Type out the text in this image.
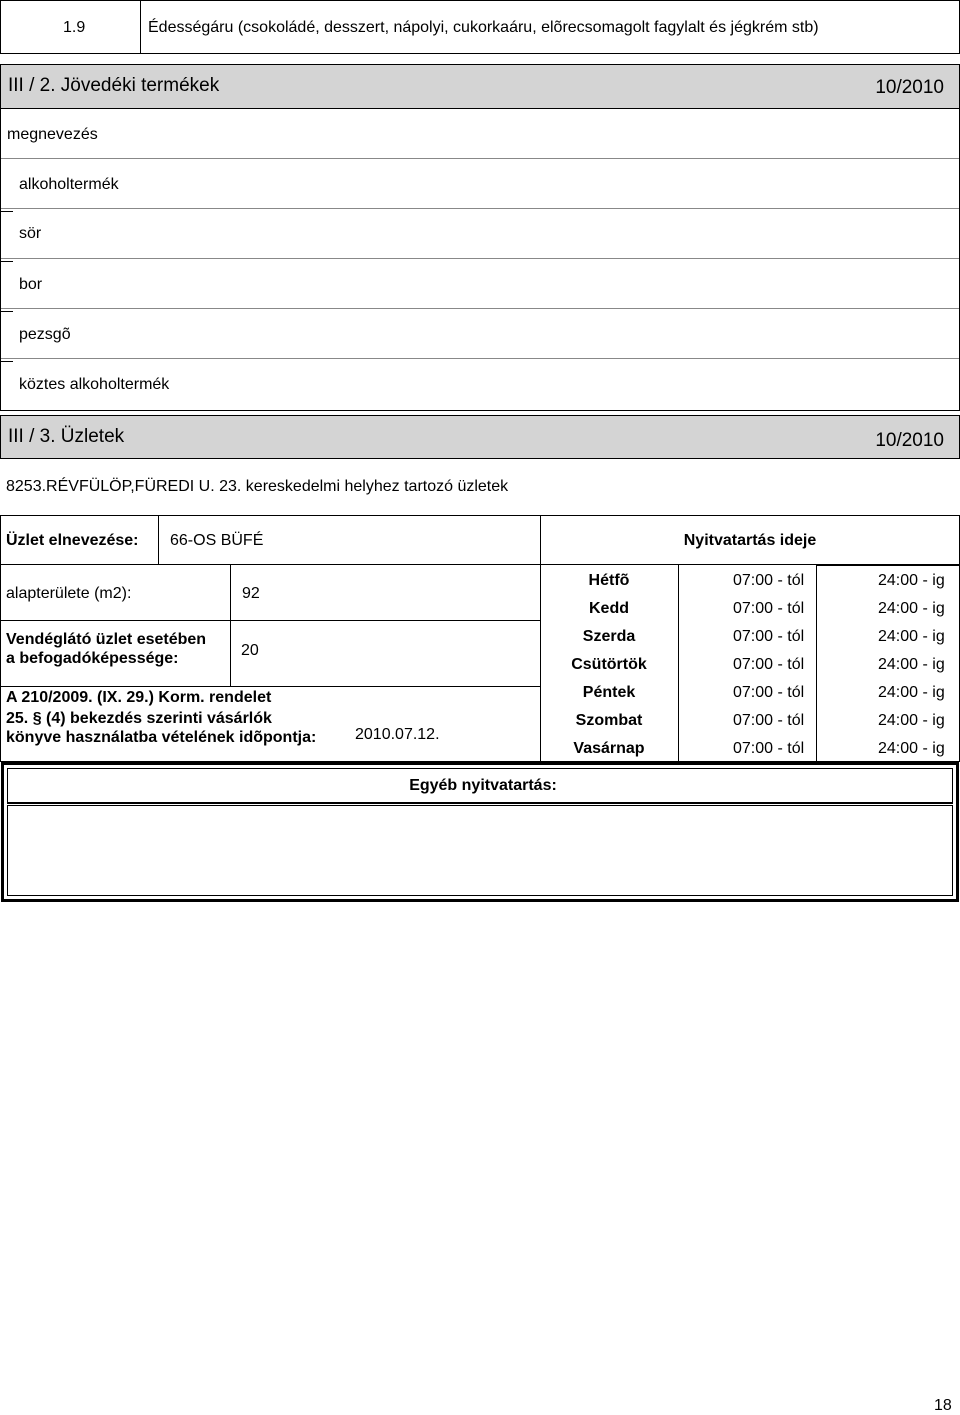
1.9	Édességáru (csokoládé, desszert, nápolyi, cukorkaáru, elõrecsomagolt fagylalt és jégkrém stb)
III / 2. Jövedéki termékek	10/2010
megnevezés
alkoholtermék
sör
bor
pezsgõ
köztes alkoholtermék
III / 3. Üzletek	10/2010
8253.RÉVFÜLÖP,FÜREDI U. 23. kereskedelmi helyhez tartozó üzletek
Üzlet elnevezése: 66-OS BÜFÉ	Nyitvatartás ideje
alapterülete (m2):	92
Vendéglátó üzlet esetében
a befogadóképessége:	20
A 210/2009. (IX. 29.) Korm. rendelet
25. § (4) bekezdés szerinti vásárlók
könyve használatba vételének idõpontja: 2010.07.12.
Hétfõ	07:00 - tól	24:00 - ig
Kedd	07:00 - tól	24:00 - ig
Szerda	07:00 - tól	24:00 - ig
Csütörtök	07:00 - tól	24:00 - ig
Péntek	07:00 - tól	24:00 - ig
Szombat	07:00 - tól	24:00 - ig
Vasárnap	07:00 - tól	24:00 - ig
Egyéb nyitvatartás:
18
